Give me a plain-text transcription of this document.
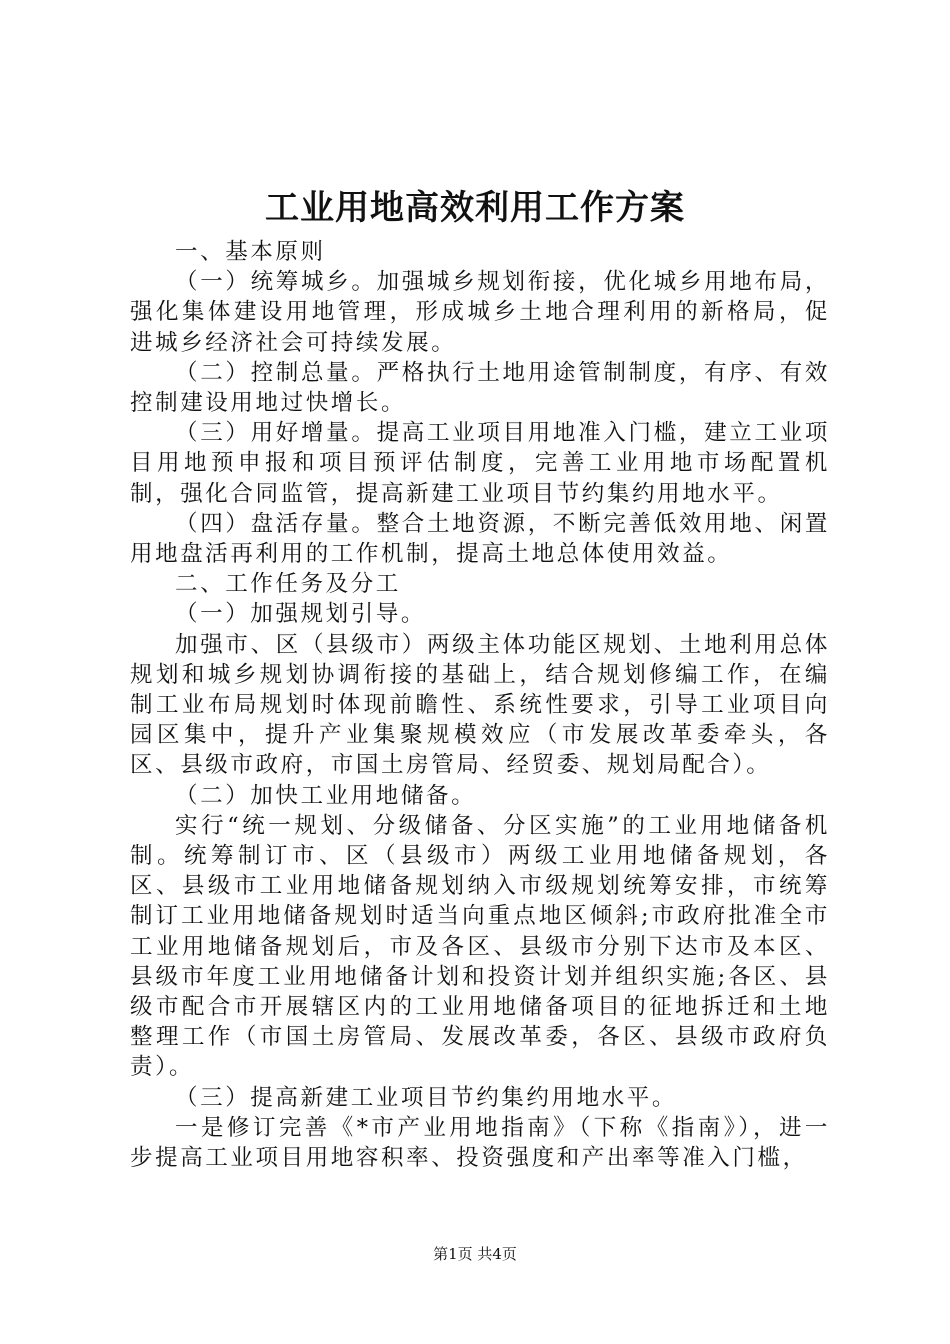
工业用地高效利用工作方案

一、基本原则

（一）统筹城乡。加强城乡规划衔接，优化城乡用地布局，强化集体建设用地管理，形成城乡土地合理利用的新格局，促进城乡经济社会可持续发展。

（二）控制总量。严格执行土地用途管制制度，有序、有效控制建设用地过快增长。

（三）用好增量。提高工业项目用地准入门槛，建立工业项目用地预申报和项目预评估制度，完善工业用地市场配置机制，强化合同监管，提高新建工业项目节约集约用地水平。

（四）盘活存量。整合土地资源，不断完善低效用地、闲置用地盘活再利用的工作机制，提高土地总体使用效益。

二、工作任务及分工

（一）加强规划引导。

加强市、区（县级市）两级主体功能区规划、土地利用总体规划和城乡规划协调衔接的基础上，结合规划修编工作，在编制工业布局规划时体现前瞻性、系统性要求，引导工业项目向园区集中，提升产业集聚规模效应（市发展改革委牵头，各区、县级市政府，市国土房管局、经贸委、规划局配合）。

（二）加快工业用地储备。

实行“统一规划、分级储备、分区实施”的工业用地储备机制。统筹制订市、区（县级市）两级工业用地储备规划，各区、县级市工业用地储备规划纳入市级规划统筹安排，市统筹制订工业用地储备规划时适当向重点地区倾斜;市政府批准全市工业用地储备规划后，市及各区、县级市分别下达市及本区、县级市年度工业用地储备计划和投资计划并组织实施;各区、县级市配合市开展辖区内的工业用地储备项目的征地拆迁和土地整理工作（市国土房管局、发展改革委，各区、县级市政府负责）。

（三）提高新建工业项目节约集约用地水平。

一是修订完善《*市产业用地指南》（下称《指南》），进一步提高工业项目用地容积率、投资强度和产出率等准入门槛，

第1页 共4页
